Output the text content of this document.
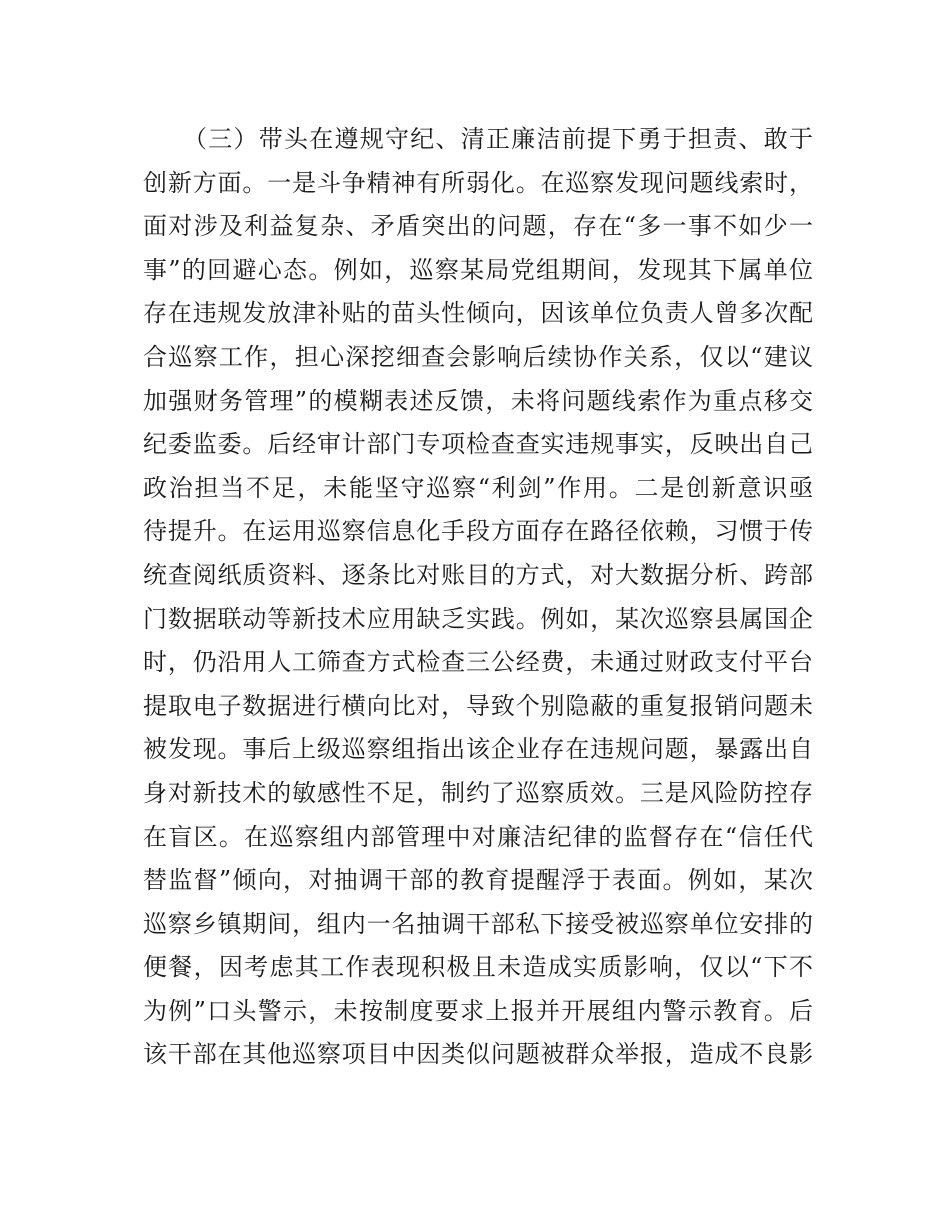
（三）带头在遵规守纪、清正廉洁前提下勇于担责、敢于
创新方面。一是斗争精神有所弱化。在巡察发现问题线索时，
面对涉及利益复杂、矛盾突出的问题，存在“多一事不如少一
事”的回避心态。例如，巡察某局党组期间，发现其下属单位
存在违规发放津补贴的苗头性倾向，因该单位负责人曾多次配
合巡察工作，担心深挖细查会影响后续协作关系，仅以“建议
加强财务管理”的模糊表述反馈，未将问题线索作为重点移交
纪委监委。后经审计部门专项检查查实违规事实，反映出自己
政治担当不足，未能坚守巡察“利剑”作用。二是创新意识亟
待提升。在运用巡察信息化手段方面存在路径依赖，习惯于传
统查阅纸质资料、逐条比对账目的方式，对大数据分析、跨部
门数据联动等新技术应用缺乏实践。例如，某次巡察县属国企
时，仍沿用人工筛查方式检查三公经费，未通过财政支付平台
提取电子数据进行横向比对，导致个别隐蔽的重复报销问题未
被发现。事后上级巡察组指出该企业存在违规问题，暴露出自
身对新技术的敏感性不足，制约了巡察质效。三是风险防控存
在盲区。在巡察组内部管理中对廉洁纪律的监督存在“信任代
替监督”倾向，对抽调干部的教育提醒浮于表面。例如，某次
巡察乡镇期间，组内一名抽调干部私下接受被巡察单位安排的
便餐，因考虑其工作表现积极且未造成实质影响，仅以“下不
为例”口头警示，未按制度要求上报并开展组内警示教育。后
该干部在其他巡察项目中因类似问题被群众举报，造成不良影
